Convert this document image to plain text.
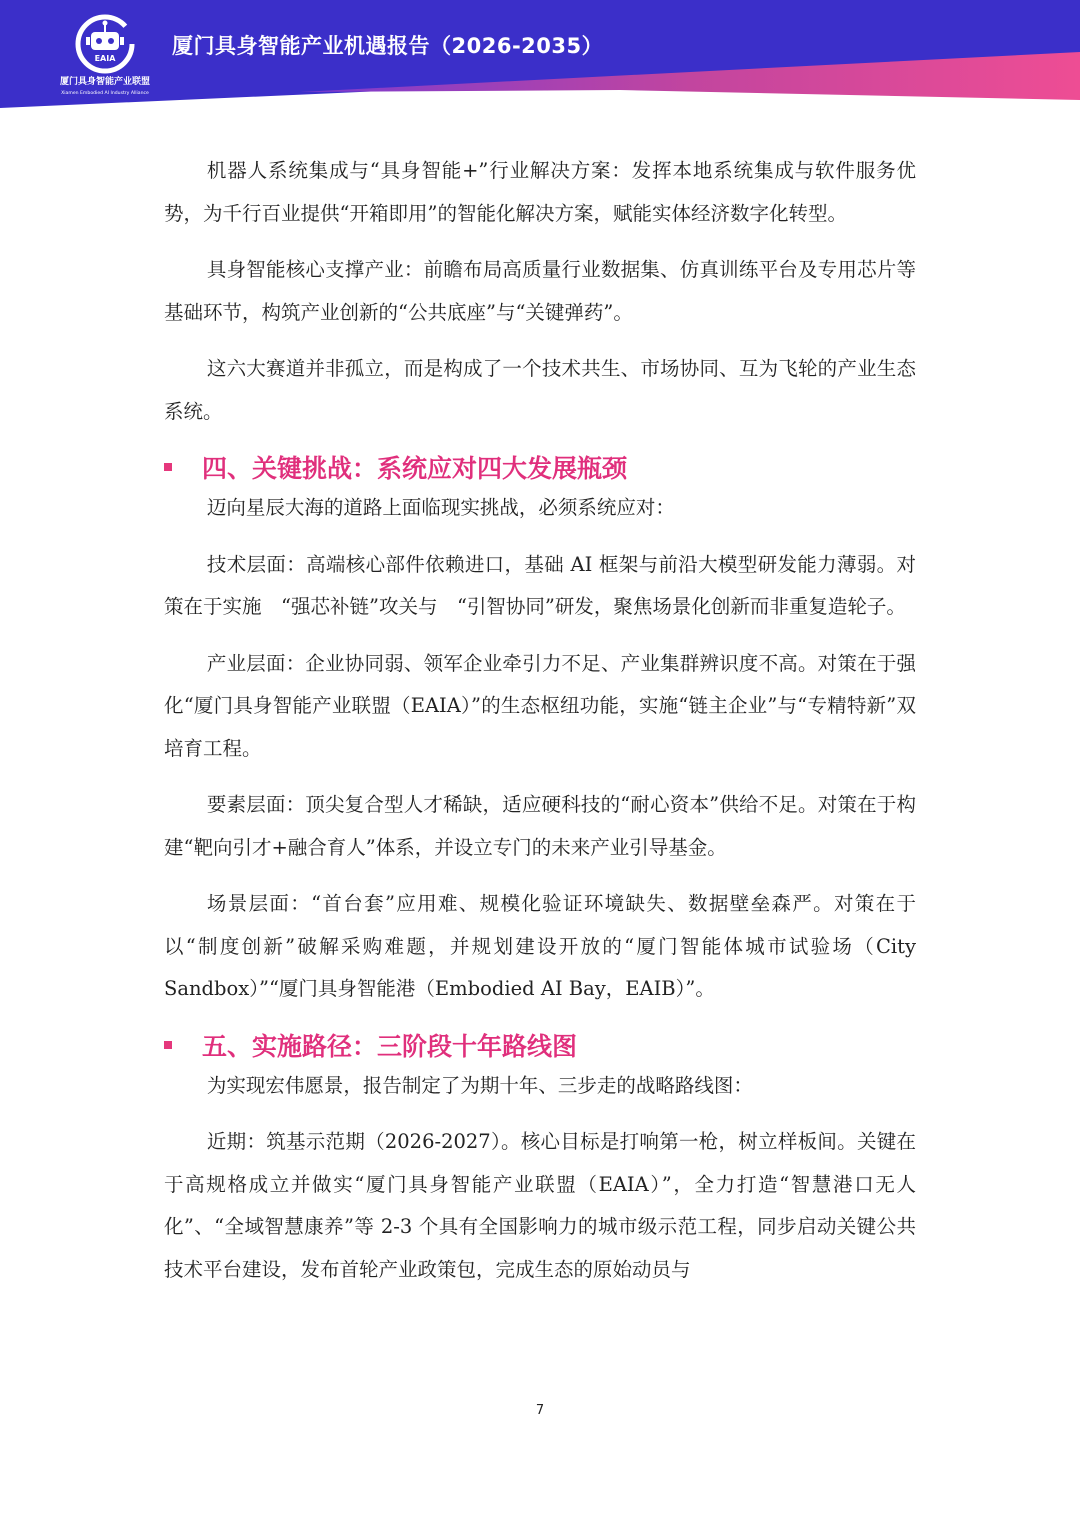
EAIA
厦门具身智能产业联盟
Xiamen Embodied AI Industry Alliance
厦门具身智能产业机遇报告（2026-2035）

机器人系统集成与“具身智能+”行业解决方案：发挥本地系统集成与软件服务优势，为千行百业提供“开箱即用”的智能化解决方案，赋能实体经济数字化转型。

具身智能核心支撑产业：前瞻布局高质量行业数据集、仿真训练平台及专用芯片等基础环节，构筑产业创新的“公共底座”与“关键弹药”。

这六大赛道并非孤立，而是构成了一个技术共生、市场协同、互为飞轮的产业生态系统。

四、关键挑战：系统应对四大发展瓶颈

迈向星辰大海的道路上面临现实挑战，必须系统应对：

技术层面：高端核心部件依赖进口，基础 AI 框架与前沿大模型研发能力薄弱。对策在于实施　“强芯补链”攻关与　“引智协同”研发，聚焦场景化创新而非重复造轮子。

产业层面：企业协同弱、领军企业牵引力不足、产业集群辨识度不高。对策在于强化“厦门具身智能产业联盟（EAIA）”的生态枢纽功能，实施“链主企业”与“专精特新”双培育工程。

要素层面：顶尖复合型人才稀缺，适应硬科技的“耐心资本”供给不足。对策在于构建“靶向引才+融合育人”体系，并设立专门的未来产业引导基金。

场景层面：“首台套”应用难、规模化验证环境缺失、数据壁垒森严。对策在于以“制度创新”破解采购难题，并规划建设开放的“厦门智能体城市试验场（City Sandbox）”“厦门具身智能港（Embodied AI Bay，EAIB）”。

五、实施路径：三阶段十年路线图

为实现宏伟愿景，报告制定了为期十年、三步走的战略路线图：

近期：筑基示范期（2026-2027）。核心目标是打响第一枪，树立样板间。关键在于高规格成立并做实“厦门具身智能产业联盟（EAIA）”，全力打造“智慧港口无人化”、“全域智慧康养”等 2-3 个具有全国影响力的城市级示范工程，同步启动关键公共技术平台建设，发布首轮产业政策包，完成生态的原始动员与

7
